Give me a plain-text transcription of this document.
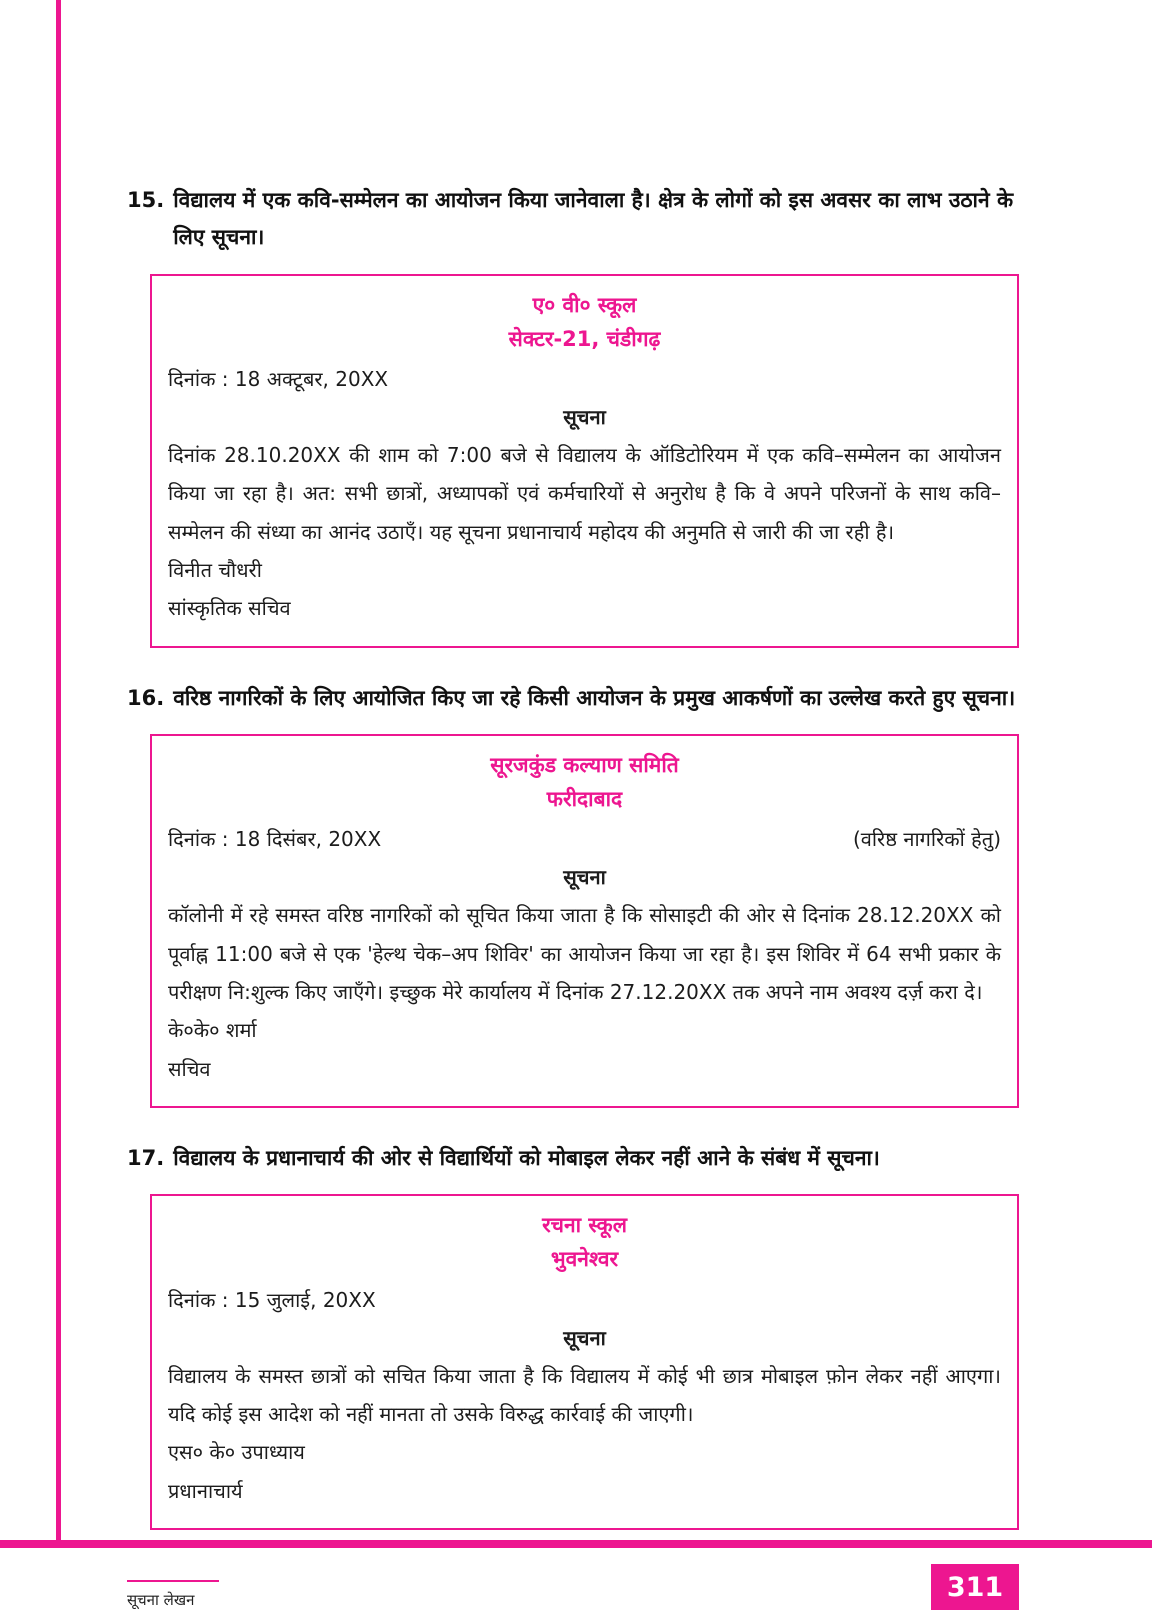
15. विद्यालय में एक कवि-सम्मेलन का आयोजन किया जानेवाला है। क्षेत्र के लोगों को इस अवसर का लाभ उठाने के लिए सूचना।
ए० वी० स्कूल
सेक्टर-21, चंडीगढ़
दिनांक : 18 अक्टूबर, 20XX
सूचना
दिनांक 28.10.20XX की शाम को 7:00 बजे से विद्यालय के ऑडिटोरियम में एक कवि–सम्मेलन का आयोजन किया जा रहा है। अत: सभी छात्रों, अध्यापकों एवं कर्मचारियों से अनुरोध है कि वे अपने परिजनों के साथ कवि–सम्मेलन की संध्या का आनंद उठाएँ। यह सूचना प्रधानाचार्य महोदय की अनुमति से जारी की जा रही है।
विनीत चौधरी
सांस्कृतिक सचिव
16. वरिष्ठ नागरिकों के लिए आयोजित किए जा रहे किसी आयोजन के प्रमुख आकर्षणों का उल्लेख करते हुए सूचना।
सूरजकुंड कल्याण समिति
फरीदाबाद
दिनांक : 18 दिसंबर, 20XX	(वरिष्ठ नागरिकों हेतु)
सूचना
कॉलोनी में रहे समस्त वरिष्ठ नागरिकों को सूचित किया जाता है कि सोसाइटी की ओर से दिनांक 28.12.20XX को पूर्वाह्न 11:00 बजे से एक 'हेल्थ चेक–अप शिविर' का आयोजन किया जा रहा है। इस शिविर में 64 सभी प्रकार के परीक्षण नि:शुल्क किए जाएँगे। इच्छुक मेरे कार्यालय में दिनांक 27.12.20XX तक अपने नाम अवश्य दर्ज़ करा दे।
के०के० शर्मा
सचिव
17. विद्यालय के प्रधानाचार्य की ओर से विद्यार्थियों को मोबाइल लेकर नहीं आने के संबंध में सूचना।
रचना स्कूल
भुवनेश्वर
दिनांक : 15 जुलाई, 20XX
सूचना
विद्यालय के समस्त छात्रों को सचित किया जाता है कि विद्यालय में कोई भी छात्र मोबाइल फ़ोन लेकर नहीं आएगा। यदि कोई इस आदेश को नहीं मानता तो उसके विरुद्ध कार्रवाई की जाएगी।
एस० के० उपाध्याय
प्रधानाचार्य
सूचना लेखन	311
